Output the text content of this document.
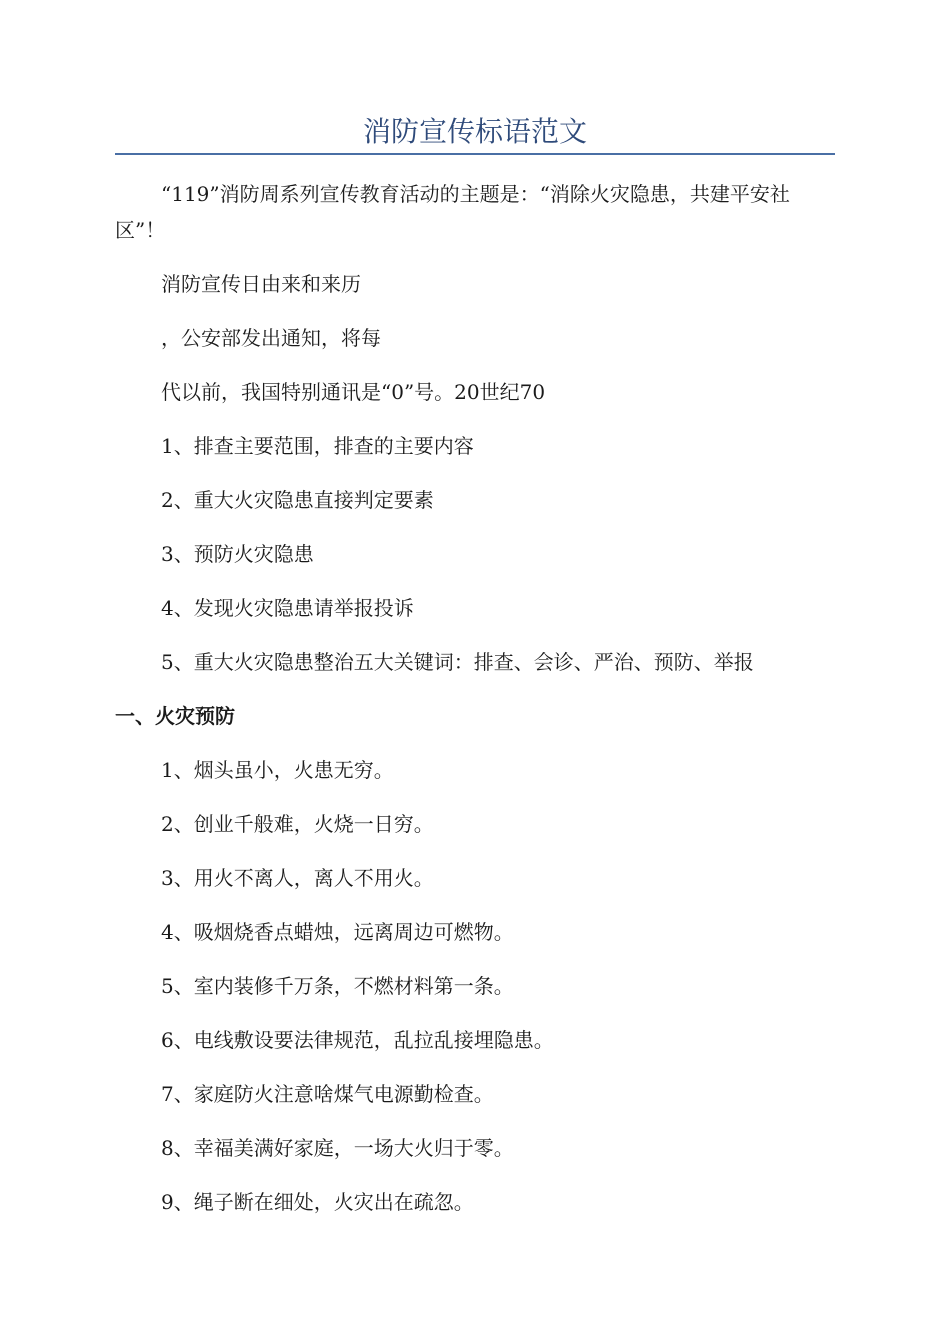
消防宣传标语范文

“119”消防周系列宣传教育活动的主题是：“消除火灾隐患，共建平安社区”！

消防宣传日由来和来历

，公安部发出通知，将每

代以前，我国特别通讯是“0”号。20世纪70

1、排查主要范围，排查的主要内容

2、重大火灾隐患直接判定要素

3、预防火灾隐患

4、发现火灾隐患请举报投诉

5、重大火灾隐患整治五大关键词：排查、会诊、严治、预防、举报

一、火灾预防

1、烟头虽小，火患无穷。

2、创业千般难，火烧一日穷。

3、用火不离人，离人不用火。

4、吸烟烧香点蜡烛，远离周边可燃物。

5、室内装修千万条，不燃材料第一条。

6、电线敷设要法律规范，乱拉乱接埋隐患。

7、家庭防火注意啥煤气电源勤检查。

8、幸福美满好家庭，一场大火归于零。

9、绳子断在细处，火灾出在疏忽。
